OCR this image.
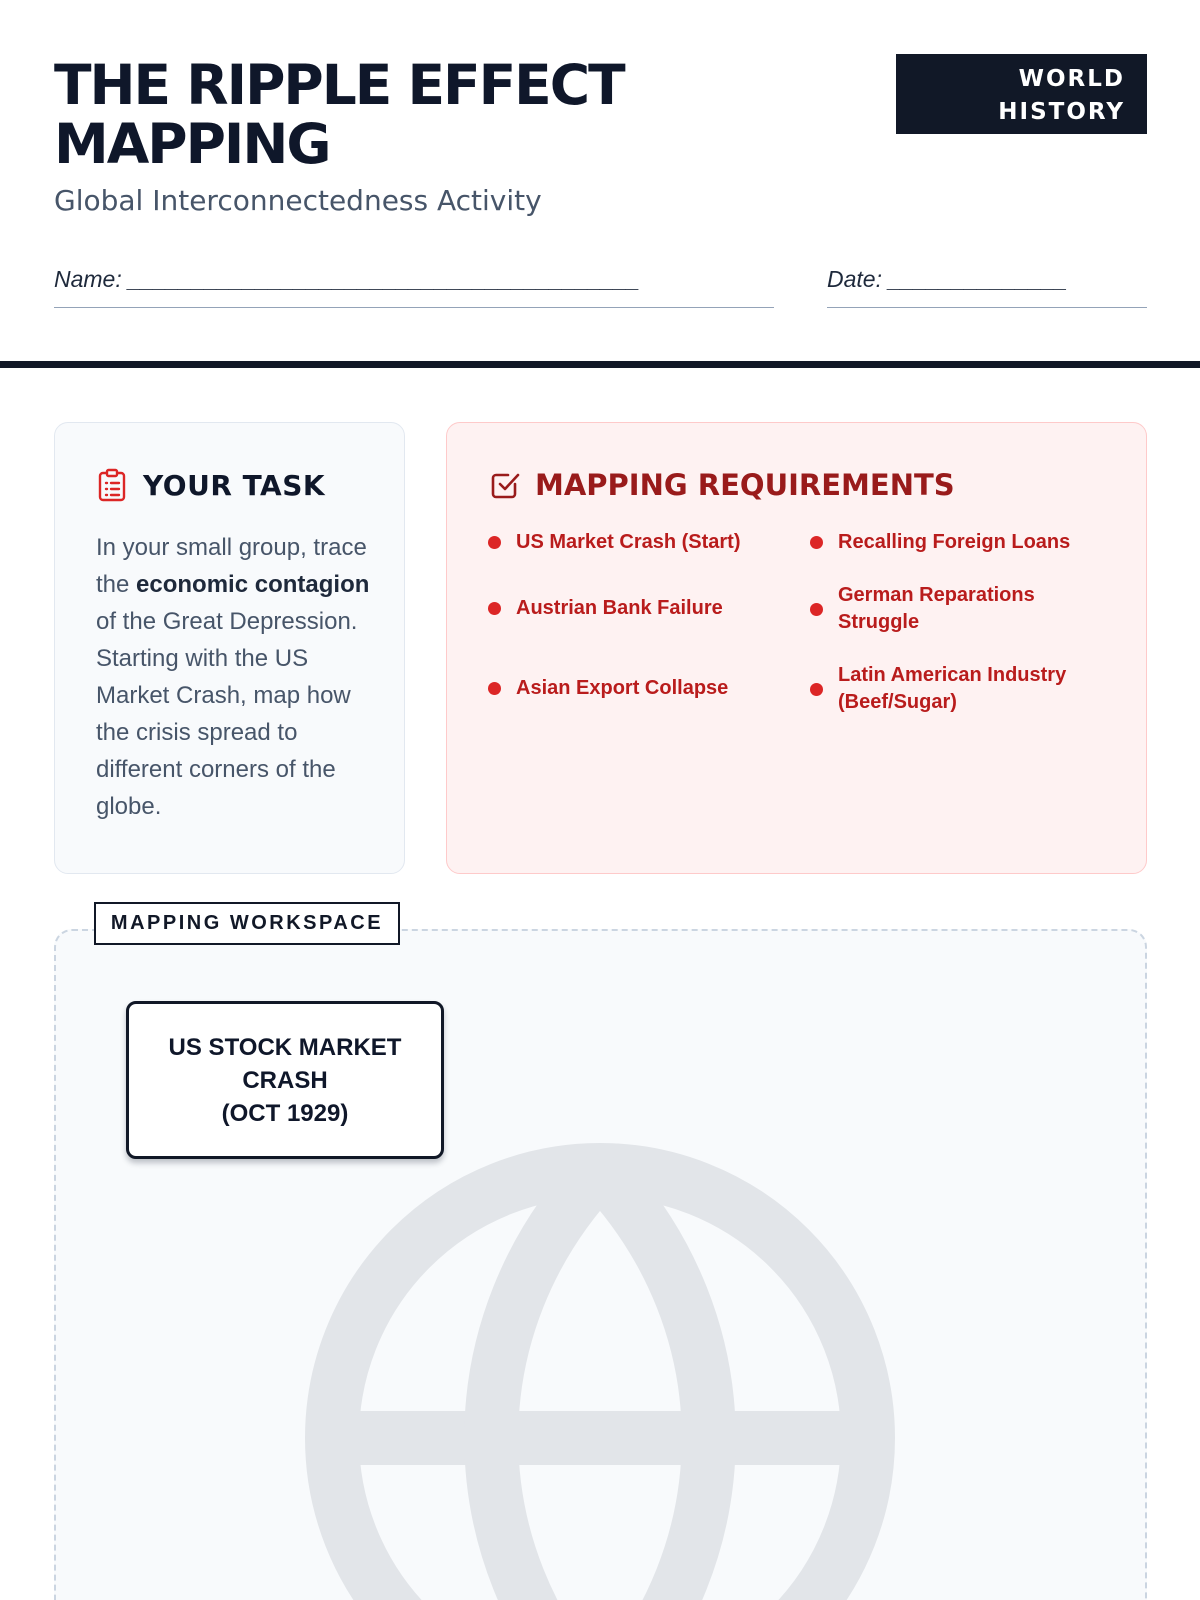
THE RIPPLE EFFECT
MAPPING
Global Interconnectedness Activity
WORLD
HISTORY
Name: ________________________________________	Date: ______________
YOUR TASK

In your small group, trace the economic contagion of the Great Depression. Starting with the US Market Crash, map how the crisis spread to different corners of the globe.

MAPPING REQUIREMENTS
US Market Crash (Start)	Recalling Foreign Loans
Austrian Bank Failure
German Reparations Struggle
Asian Export Collapse
Latin American Industry (Beef/Sugar)
US STOCK MARKET
CRASH
(OCT 1929)
MAPPING WORKSPACE
